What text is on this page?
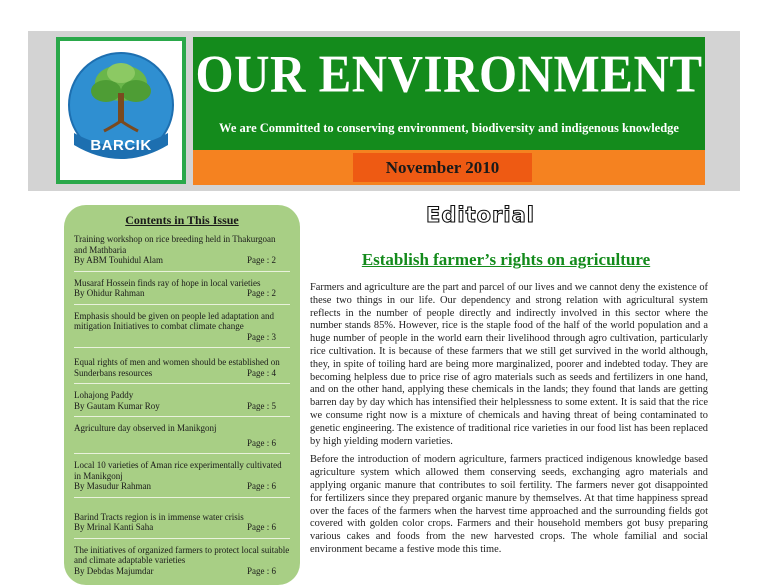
BARCIK
OUR ENVIRONMENT
We are Committed to conserving environment, biodiversity and indigenous knowledge
November 2010
Contents in This Issue
Training workshop on rice breeding held in Thakurgoan and Mathbaria
By ABM Touhidul Alam	Page : 2
Musaraf Hossein finds ray of hope in local varieties
By Ohidur Rahman	Page : 2
Emphasis should be given on people led adaptation and mitigation Initiatives to combat climate change
Page : 3
Equal rights of men and women should be established on Sunderbans resources	Page : 4
Lohajong Paddy
By Gautam Kumar Roy	Page : 5
Agriculture day observed in Manikgonj
Page : 6
Local 10 varieties of Aman rice experimentally cultivated in Manikgonj
By Masudur Rahman	Page : 6
Barind Tracts region is in immense water crisis
By Mrinal Kanti Saha	Page : 6
The initiatives of organized farmers to protect local suitable and climate adaptable varieties
By Debdas Majumdar	Page : 6
Editorial
Establish farmer’s rights on agriculture

Farmers and agriculture are the part and parcel of our lives and we cannot deny the existence of these two things in our life. Our dependency and strong relation with agricultural system reflects in the number of people directly and indirectly involved in this sector where the number stands 85%. However, rice is the staple food of the half of the world population and a huge number of people in the world earn their livelihood through agro cultivation, particularly rice cultivation. It is because of these farmers that we still get survived in the world although, they, in spite of toiling hard are being more marginalized, poorer and indebted today. They are becoming helpless due to price rise of agro materials such as seeds and fertilizers in one hand, and on the other hand, applying these chemicals in the lands; they found that lands are getting barren day by day which has intensified their helplessness to some extent. It is said that the rice we consume right now is a mixture of chemicals and having threat of being contaminated to genetic engineering. The existence of traditional rice varieties in our food list has been replaced by high yielding modern varieties.

Before the introduction of modern agriculture, farmers practiced indigenous knowledge based agriculture system which allowed them conserving seeds, exchanging agro materials and applying organic manure that contributes to soil fertility. The farmers never got disappointed for fertilizers since they prepared organic manure by themselves. At that time happiness spread over the faces of the farmers when the harvest time approached and the surrounding fields got covered with golden color crops. Farmers and their household members got busy preparing various cakes and foods from the new harvested crops. The whole familial and social environment became a festive mode this time.
